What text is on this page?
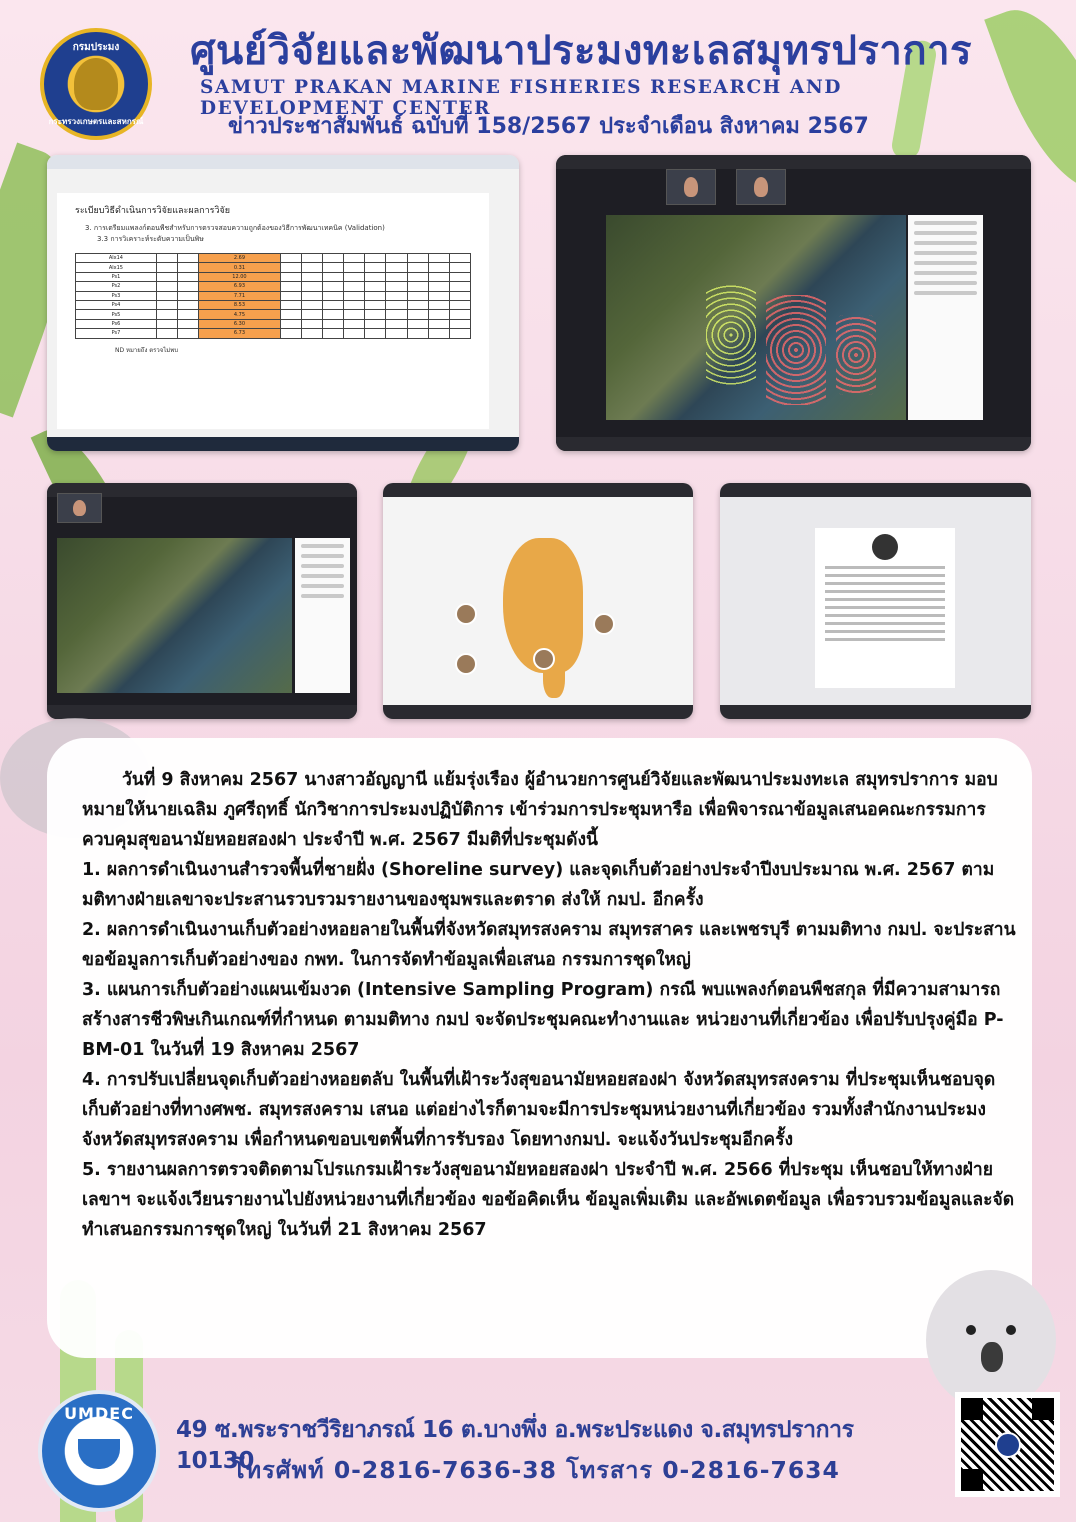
กรมประมง
กระทรวงเกษตรและสหกรณ์
ศูนย์วิจัยและพัฒนาประมงทะเลสมุทรปราการ
SAMUT PRAKAN MARINE FISHERIES RESEARCH AND DEVELOPMENT CENTER
ข่าวประชาสัมพันธ์ ฉบับที่ 158/2567 ประจำเดือน สิงหาคม 2567
ระเบียบวิธีดำเนินการวิจัยและผลการวิจัย
3. การเตรียมแพลงก์ตอนพืชสำหรับการตรวจสอบความถูกต้องของวิธีการพัฒนาเทคนิค (Validation)
3.3 การวิเคราะห์ระดับความเป็นพิษ
Alx14			2.69									
Alx15			0.31									
Ps1			12.00									
Ps2			6.93									
Ps3			7.71									
Ps4			8.53									
Ps5			4.75									
Ps6			6.30									
Ps7			6.73									
ND หมายถึง ตรวจไม่พบ

วันที่ 9 สิงหาคม 2567 นางสาวอัญญานี แย้มรุ่งเรือง ผู้อำนวยการศูนย์วิจัยและพัฒนาประมงทะเล สมุทรปราการ มอบหมายให้นายเฉลิม ภูศรีฤทธิ์ นักวิชาการประมงปฏิบัติการ เข้าร่วมการประชุมหารือ เพื่อพิจารณาข้อมูลเสนอคณะกรรมการควบคุมสุขอนามัยหอยสองฝา ประจำปี พ.ศ. 2567 มีมติที่ประชุมดังนี้

1. ผลการดำเนินงานสำรวจพื้นที่ชายฝั่ง (Shoreline survey) และจุดเก็บตัวอย่างประจำปีงบประมาณ พ.ศ. 2567 ตามมติทางฝ่ายเลขาจะประสานรวบรวมรายงานของชุมพรและตราด ส่งให้ กมป. อีกครั้ง

2. ผลการดำเนินงานเก็บตัวอย่างหอยลายในพื้นที่จังหวัดสมุทรสงคราม สมุทรสาคร และเพชรบุรี ตามมติทาง กมป. จะประสานขอข้อมูลการเก็บตัวอย่างของ กพท. ในการจัดทำข้อมูลเพื่อเสนอ กรรมการชุดใหญ่

3. แผนการเก็บตัวอย่างแผนเข้มงวด (Intensive Sampling Program) กรณี พบแพลงก์ตอนพืชสกุล ที่มีความสามารถสร้างสารชีวพิษเกินเกณฑ์ที่กำหนด ตามมติทาง กมป จะจัดประชุมคณะทำงานและ หน่วยงานที่เกี่ยวข้อง เพื่อปรับปรุงคู่มือ P-BM-01 ในวันที่ 19 สิงหาคม 2567

4. การปรับเปลี่ยนจุดเก็บตัวอย่างหอยตลับ ในพื้นที่เฝ้าระวังสุขอนามัยหอยสองฝา จังหวัดสมุทรสงคราม ที่ประชุมเห็นชอบจุดเก็บตัวอย่างที่ทางศพช. สมุทรสงคราม เสนอ แต่อย่างไรก็ตามจะมีการประชุมหน่วยงานที่เกี่ยวข้อง รวมทั้งสำนักงานประมงจังหวัดสมุทรสงคราม เพื่อกำหนดขอบเขตพื้นที่การรับรอง โดยทางกมป. จะแจ้งวันประชุมอีกครั้ง

5. รายงานผลการตรวจติดตามโปรแกรมเฝ้าระวังสุขอนามัยหอยสองฝา ประจำปี พ.ศ. 2566 ที่ประชุม เห็นชอบให้ทางฝ่ายเลขาฯ จะแจ้งเวียนรายงานไปยังหน่วยงานที่เกี่ยวข้อง ขอข้อคิดเห็น ข้อมูลเพิ่มเติม และอัพเดตข้อมูล เพื่อรวบรวมข้อมูลและจัดทำเสนอกรรมการชุดใหญ่ ในวันที่ 21 สิงหาคม 2567

UMDEC
49 ซ.พระราชวีริยาภรณ์ 16 ต.บางพึ่ง อ.พระประแดง จ.สมุทรปราการ 10130
โทรศัพท์ 0-2816-7636-38 โทรสาร 0-2816-7634
